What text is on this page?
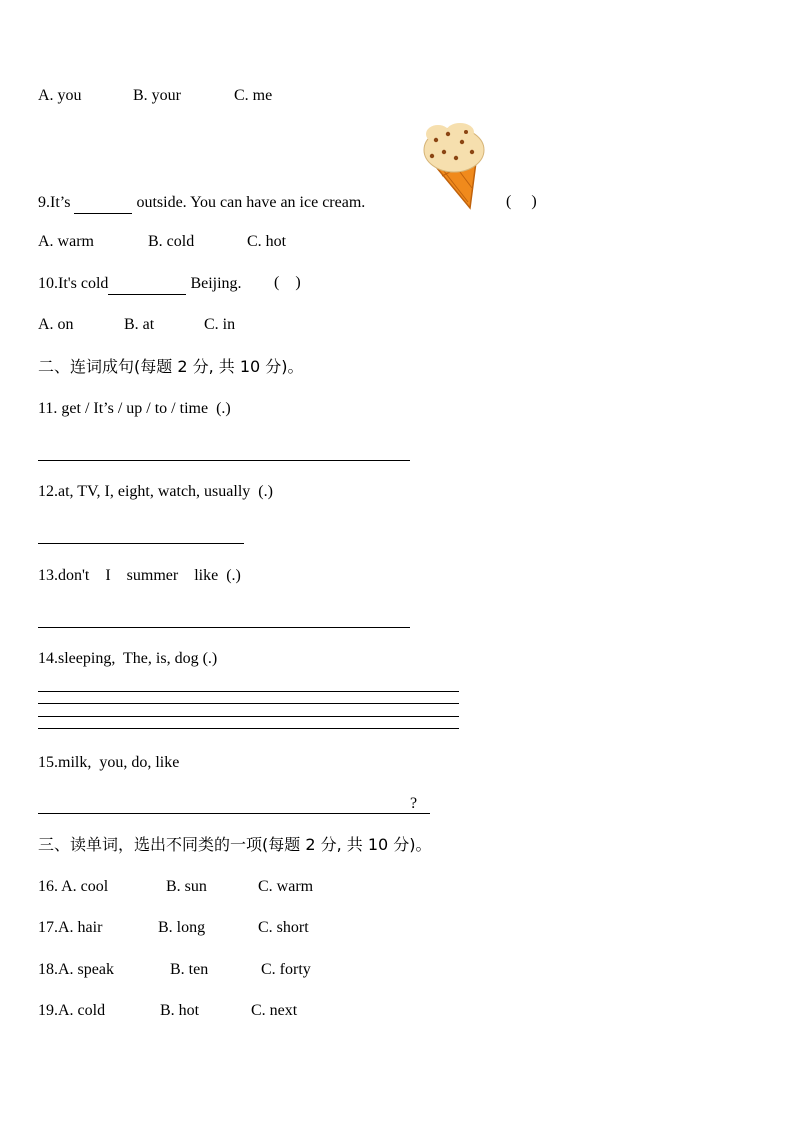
A. you	B. your	C. me
9.It’s	outside. You can have an ice cream.	(     )
A. warm	B. cold	C. hot
10.It's cold	Beijing. (    )
A. on	B. at	C. in
二、连词成句(每题 2 分, 共 10 分)。
11. get / It’s / up / to / time  (.)
12.at, TV, I, eight, watch, usually  (.)
13.don't    I    summer    like  (.)
14.sleeping,  The, is, dog (.)
15.milk,  you, do, like
?
三、读单词，选出不同类的一项(每题 2 分, 共 10 分)。
16. A. cool	B. sun	C. warm
17.A. hair	B. long	C. short
18.A. speak	B. ten	C. forty
19.A. cold	B. hot	C. next
